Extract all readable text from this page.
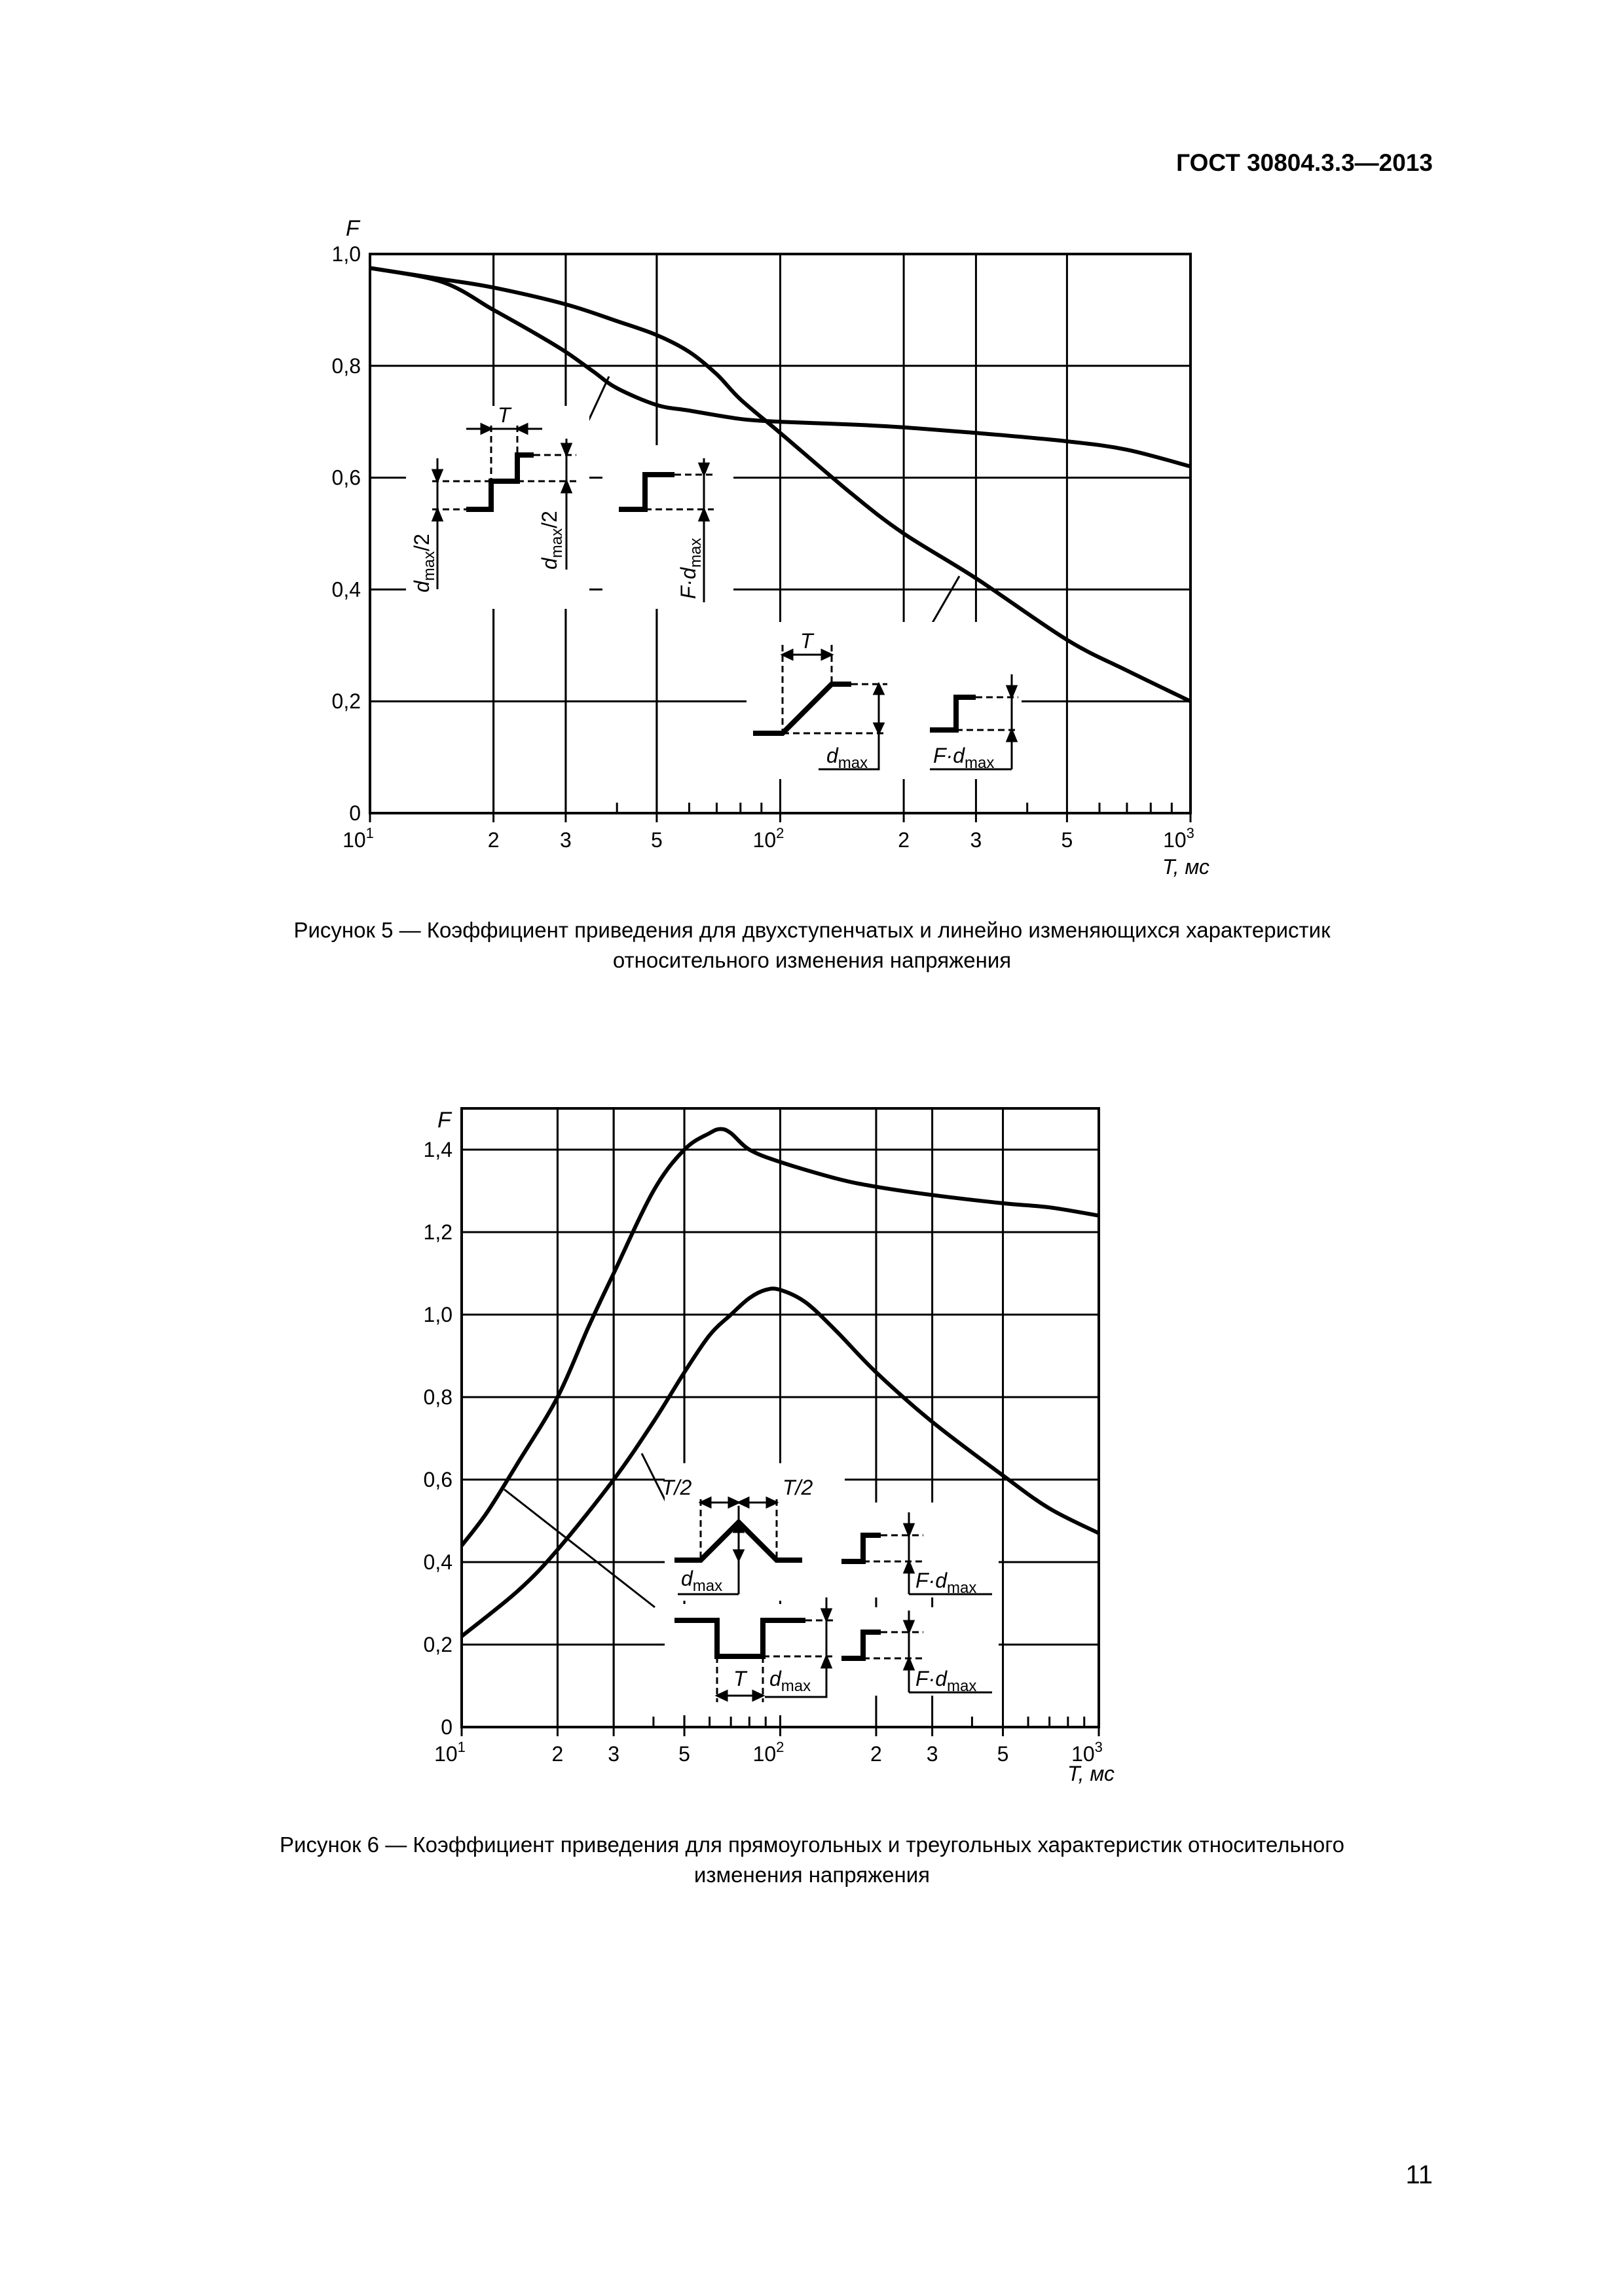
ГОСТ 30804.3.3—2013
0
0,2
0,4
0,6
0,8
1,0
2	3	5	2	3	5
$10^1$	$10^2$	$10^3$
T
$d_{max}/2$
$d_{max}/2$
$F\cdot d_{max}$
T
$d_{max}$	$F\cdot d_{max}$
F
T, мс
0
0,2
0,4
0,6
0,8
1,0
1,2
1,4
2 3	5	2 3	5
$10^1$	$10^2$	$10^3$
T/2	T/2
$d_{max}$	$F\cdot d_{max}$
T $d_{max}$	$F\cdot d_{max}$
F
T, мс
Рисунок 5 — Коэффициент приведения для двухступенчатых и линейно изменяющихся характеристик
относительного изменения напряжения
Рисунок 6 — Коэффициент приведения для прямоугольных и треугольных характеристик относительного
изменения напряжения
11
